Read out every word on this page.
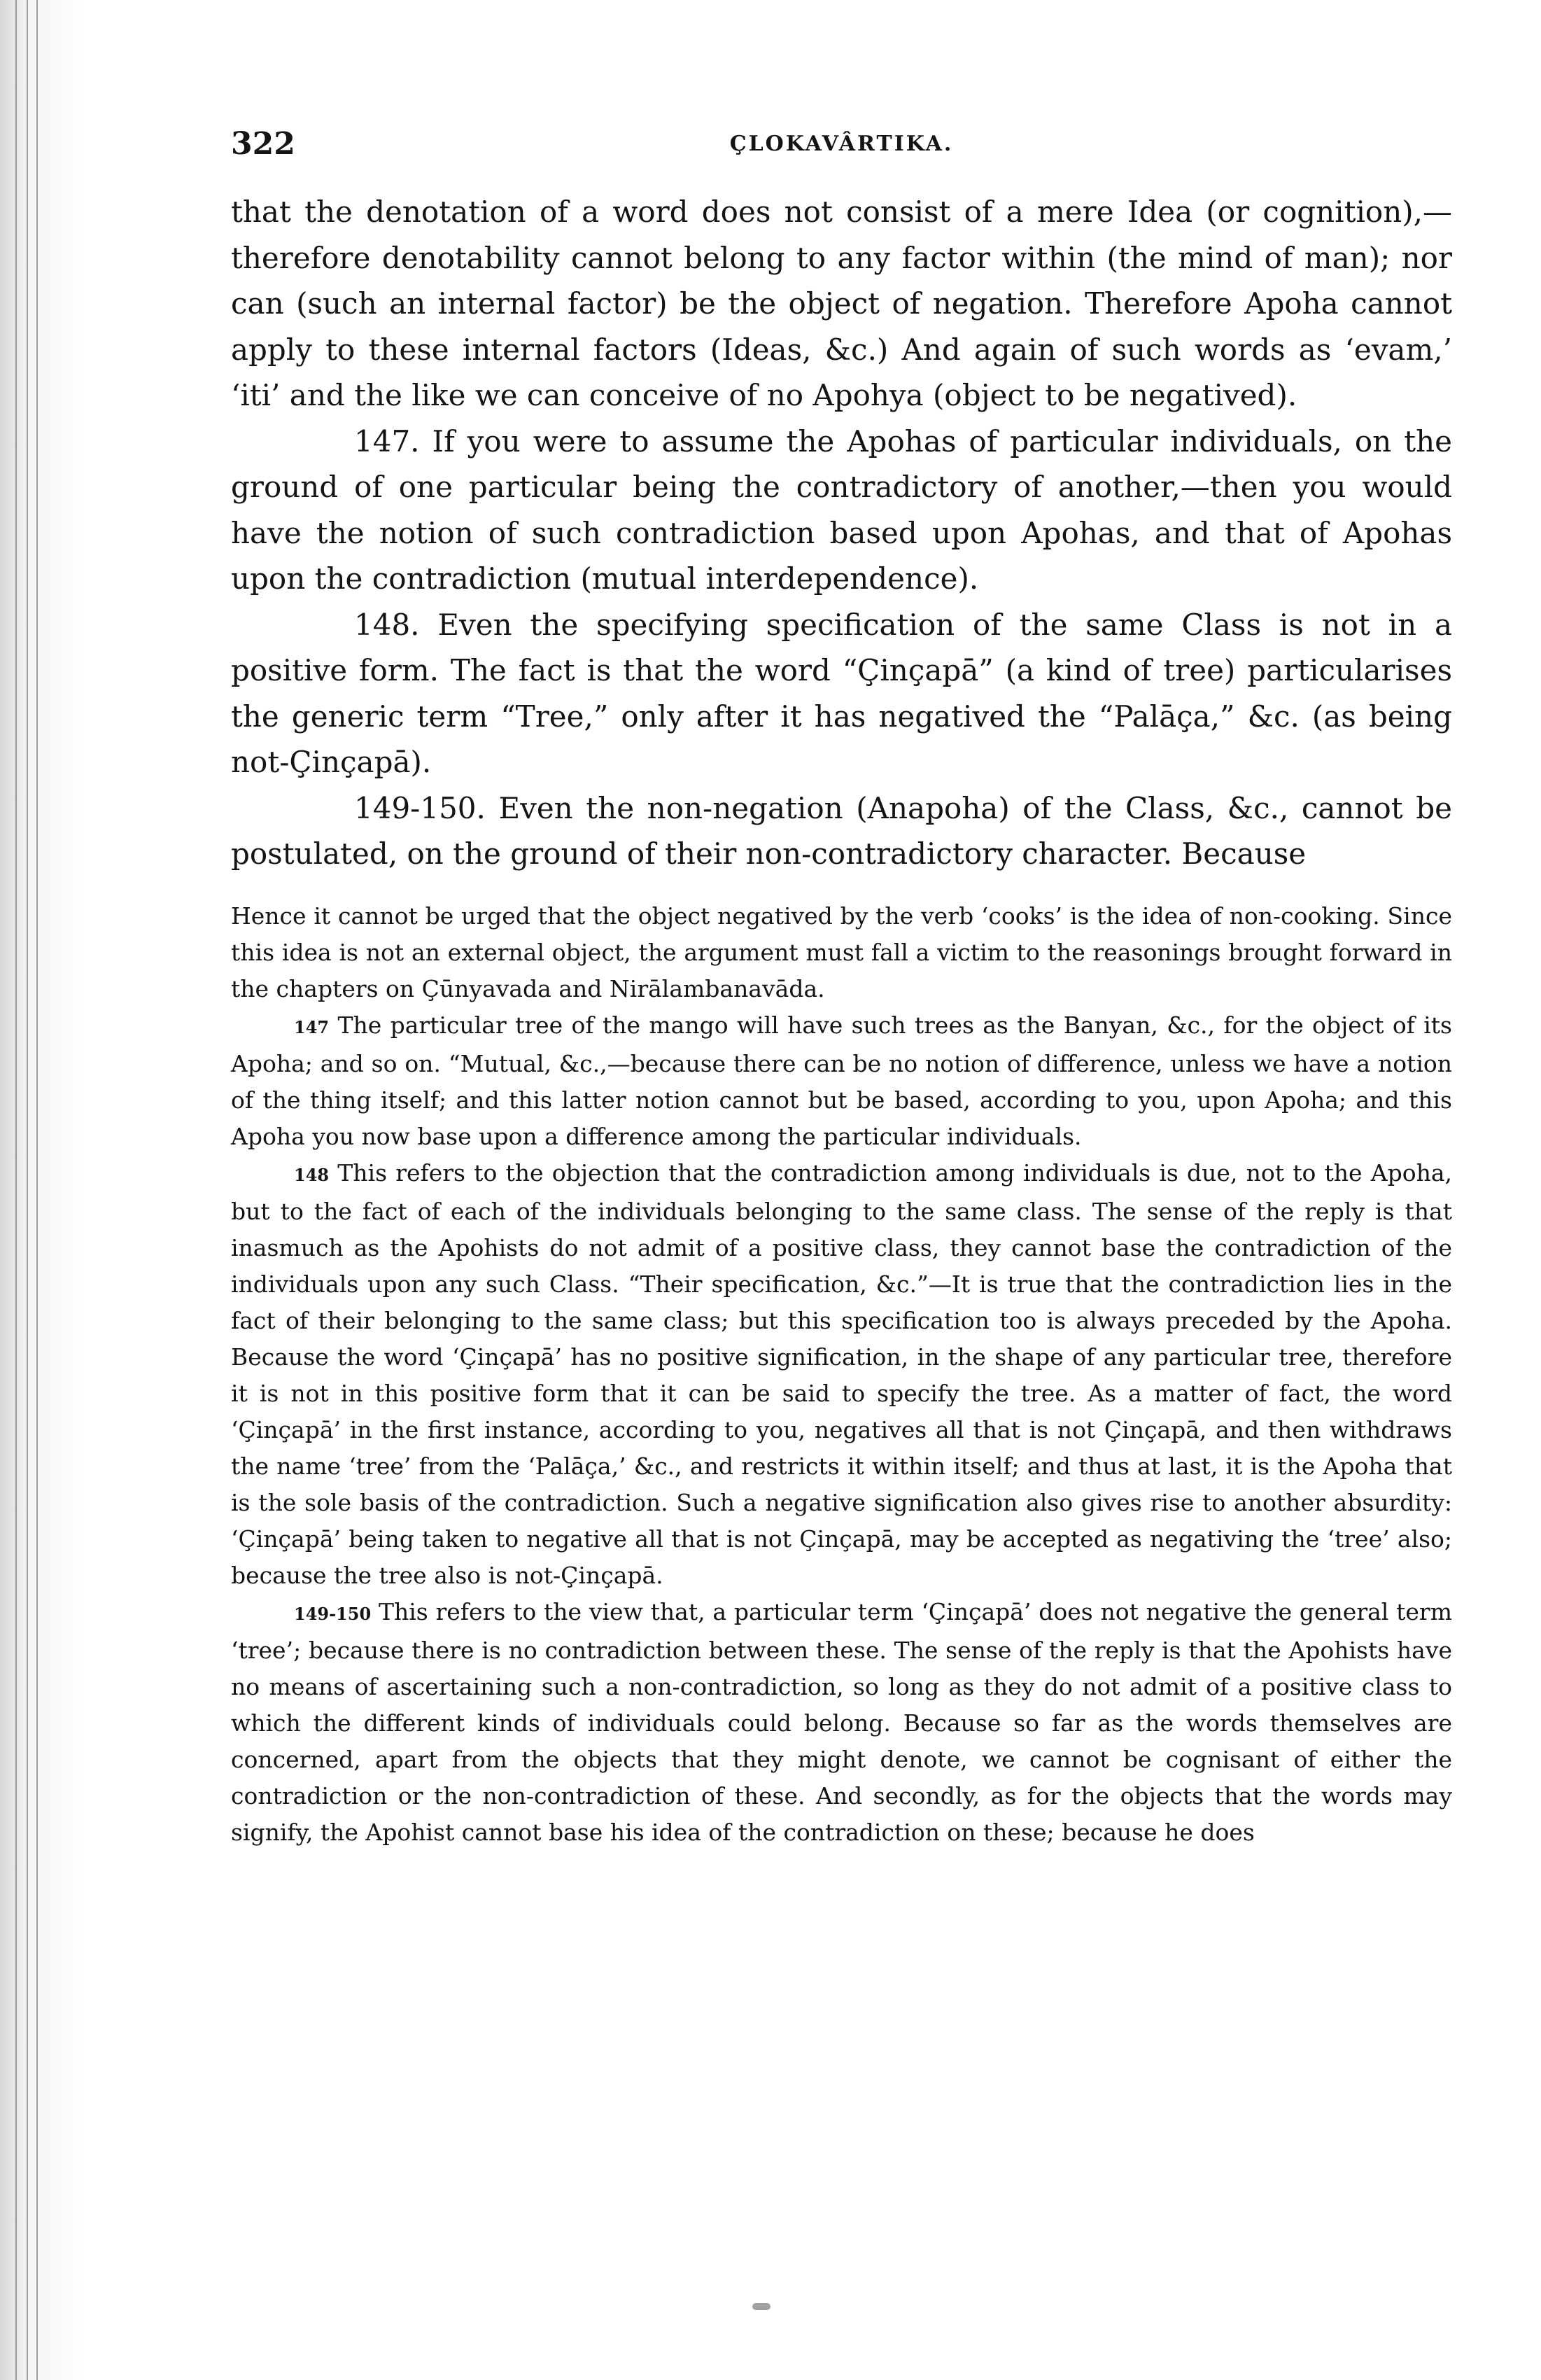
322	ÇLOKAVÂRTIKA.

that the denotation of a word does not consist of a mere Idea (or cognition),—therefore denotability cannot belong to any factor within (the mind of man); nor can (such an internal factor) be the object of negation. Therefore Apoha cannot apply to these internal factors (Ideas, &c.) And again of such words as ‘evam,’ ‘iti’ and the like we can conceive of no Apohya (object to be negatived).

147. If you were to assume the Apohas of particular individuals, on the ground of one particular being the contradictory of another,—then you would have the notion of such contradiction based upon Apohas, and that of Apohas upon the contradiction (mutual interdependence).

148. Even the specifying specification of the same Class is not in a positive form. The fact is that the word “Çinçapā” (a kind of tree) particularises the generic term “Tree,” only after it has negatived the “Palāça,” &c. (as being not-Çinçapā).

149-150. Even the non-negation (Anapoha) of the Class, &c., cannot be postulated, on the ground of their non-contradictory character. Because

Hence it cannot be urged that the object negatived by the verb ‘cooks’ is the idea of non-cooking. Since this idea is not an external object, the argument must fall a victim to the reasonings brought forward in the chapters on Çūnyavada and Nirālambanavāda.

147 The particular tree of the mango will have such trees as the Banyan, &c., for the object of its Apoha; and so on. “Mutual, &c.,—because there can be no notion of difference, unless we have a notion of the thing itself; and this latter notion cannot but be based, according to you, upon Apoha; and this Apoha you now base upon a difference among the particular individuals.

148 This refers to the objection that the contradiction among individuals is due, not to the Apoha, but to the fact of each of the individuals belonging to the same class. The sense of the reply is that inasmuch as the Apohists do not admit of a positive class, they cannot base the contradiction of the individuals upon any such Class. “Their specification, &c.”—It is true that the contradiction lies in the fact of their belonging to the same class; but this specification too is always preceded by the Apoha. Because the word ‘Çinçapā’ has no positive signification, in the shape of any particular tree, therefore it is not in this positive form that it can be said to specify the tree. As a matter of fact, the word ‘Çinçapā’ in the first instance, according to you, negatives all that is not Çinçapā, and then withdraws the name ‘tree’ from the ‘Palāça,’ &c., and restricts it within itself; and thus at last, it is the Apoha that is the sole basis of the contradiction. Such a negative signification also gives rise to another absurdity: ‘Çinçapā’ being taken to negative all that is not Çinçapā, may be accepted as negativing the ‘tree’ also; because the tree also is not-Çinçapā.

149-150 This refers to the view that, a particular term ‘Çinçapā’ does not negative the general term ‘tree’; because there is no contradiction between these. The sense of the reply is that the Apohists have no means of ascertaining such a non-contradiction, so long as they do not admit of a positive class to which the different kinds of individuals could belong. Because so far as the words themselves are concerned, apart from the objects that they might denote, we cannot be cognisant of either the contradiction or the non-contradiction of these. And secondly, as for the objects that the words may signify, the Apohist cannot base his idea of the contradiction on these; because he does
